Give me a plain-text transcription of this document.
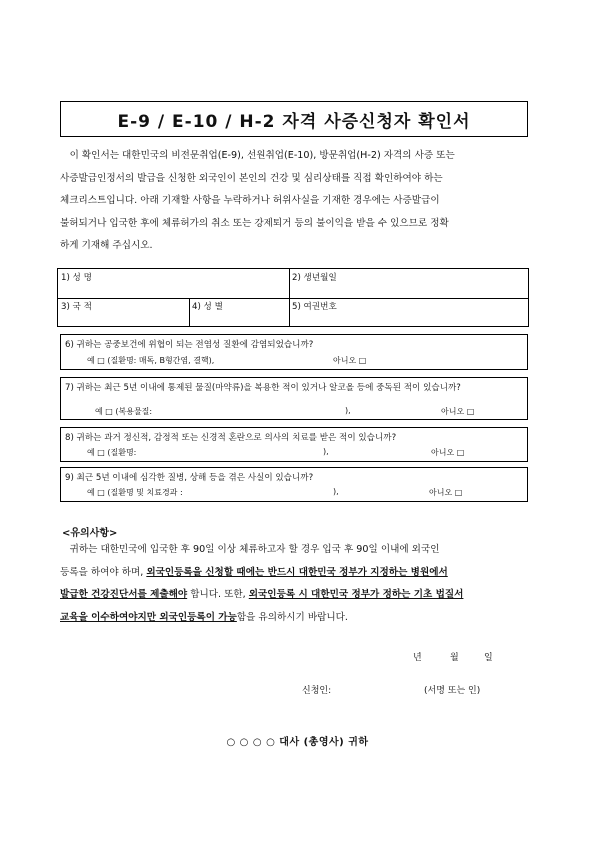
E-9 / E-10 / H-2 자격 사증신청자 확인서
　이 확인서는 대한민국의 비전문취업(E-9), 선원취업(E-10), 방문취업(H-2) 자격의 사증 또는
사증발급인정서의 발급을 신청한 외국인이 본인의 건강 및 심리상태를 직접 확인하여야 하는
체크리스트입니다. 아래 기재할 사항을 누락하거나 허위사실을 기재한 경우에는 사증발급이
불허되거나 입국한 후에 체류허가의 취소 또는 강제퇴거 등의 불이익을 받을 수 있으므로 정확
하게 기재해 주십시오.
1) 성 명	2) 생년월일
3) 국 적	4) 성 별	5) 여권번호
6) 귀하는 공중보건에 위협이 되는 전염성 질환에 감염되었습니까?
예 □ (질환명: 매독, B형간염, 결핵),	아니오 □
7) 귀하는 최근 5년 이내에 통제된 물질(마약류)을 복용한 적이 있거나 알코올 등에 중독된 적이 있습니까?
예 □ (복용물질:	),	아니오 □
8) 귀하는 과거 정신적, 감정적 또는 신경적 혼란으로 의사의 치료를 받은 적이 있습니까?
예 □ (질환명:	),	아니오 □
9) 최근 5년 이내에 심각한 질병, 상해 등을 겪은 사실이 있습니까?
예 □ (질환명 및 치료경과 :	),	아니오 □
<유의사항>
　귀하는 대한민국에 입국한 후 90일 이상 체류하고자 할 경우 입국 후 90일 이내에 외국인
등록을 하여야 하며, 외국인등록을 신청할 때에는 반드시 대한민국 정부가 지정하는 병원에서
발급한 건강진단서를 제출해야 합니다. 또한, 외국인등록 시 대한민국 정부가 정하는 기초 법질서
교육을 이수하여야지만 외국인등록이 가능함을 유의하시기 바랍니다.
년	월	일
신청인:	(서명 또는 인)
○ ○ ○ ○ 대사 (총영사) 귀하
